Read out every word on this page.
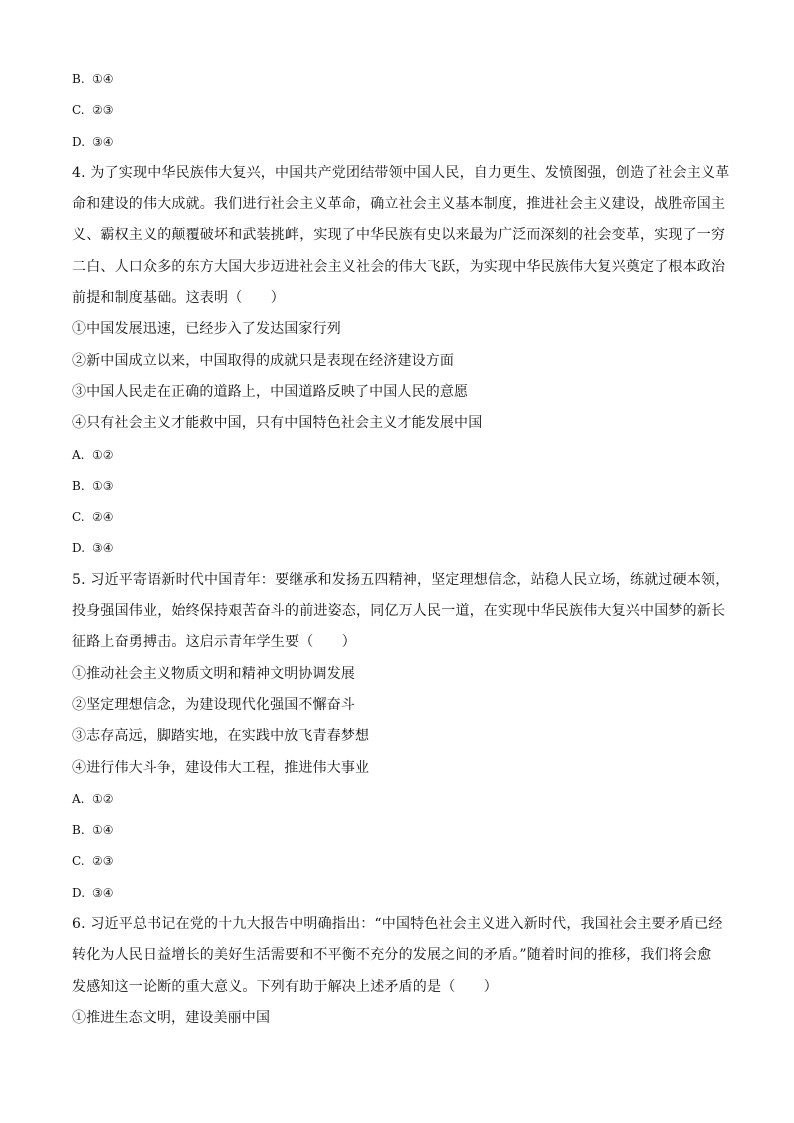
B. ①④
C. ②③
D. ③④
4. 为了实现中华民族伟大复兴，中国共产党团结带领中国人民，自力更生、发愤图强，创造了社会主义革
命和建设的伟大成就。我们进行社会主义革命，确立社会主义基本制度，推进社会主义建设，战胜帝国主
义、霸权主义的颠覆破坏和武装挑衅，实现了中华民族有史以来最为广泛而深刻的社会变革，实现了一穷
二白、人口众多的东方大国大步迈进社会主义社会的伟大飞跃，为实现中华民族伟大复兴奠定了根本政治
前提和制度基础。这表明（　　）
①中国发展迅速，已经步入了发达国家行列
②新中国成立以来，中国取得的成就只是表现在经济建设方面
③中国人民走在正确的道路上，中国道路反映了中国人民的意愿
④只有社会主义才能救中国，只有中国特色社会主义才能发展中国
A. ①②
B. ①③
C. ②④
D. ③④
5. 习近平寄语新时代中国青年：要继承和发扬五四精神，坚定理想信念，站稳人民立场，练就过硬本领，
投身强国伟业，始终保持艰苦奋斗的前进姿态，同亿万人民一道，在实现中华民族伟大复兴中国梦的新长
征路上奋勇搏击。这启示青年学生要（　　）
①推动社会主义物质文明和精神文明协调发展
②坚定理想信念，为建设现代化强国不懈奋斗
③志存高远，脚踏实地，在实践中放飞青春梦想
④进行伟大斗争，建设伟大工程，推进伟大事业
A. ①②
B. ①④
C. ②③
D. ③④
6. 习近平总书记在党的十九大报告中明确指出：“中国特色社会主义进入新时代，我国社会主要矛盾已经
转化为人民日益增长的美好生活需要和不平衡不充分的发展之间的矛盾。”随着时间的推移，我们将会愈
发感知这一论断的重大意义。下列有助于解决上述矛盾的是（　　）
①推进生态文明，建设美丽中国
